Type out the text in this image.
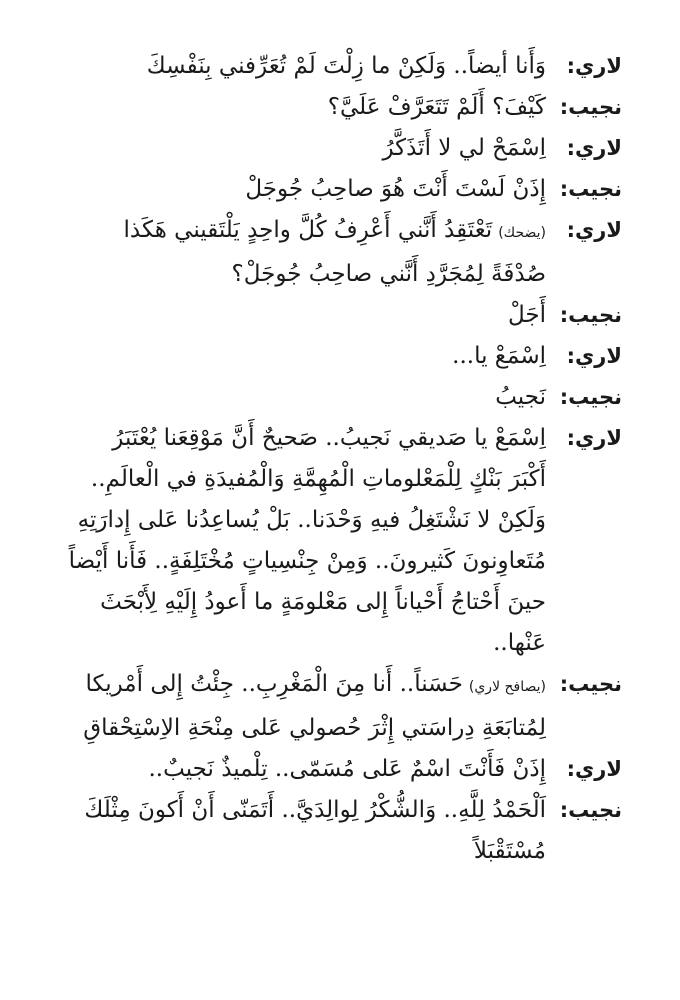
لاري:
وَأَنا أيضاً.. وَلَكِنْ ما زِلْتَ لَمْ تُعَرِّفني بِنَفْسِكَ
نجيب:
كَيْفَ؟ أَلَمْ تَتَعَرَّفْ عَلَيَّ؟
لاري:
اِسْمَحْ لي لا أَتَذَكَّرُ
نجيب:
إِذَنْ لَسْتَ أَنْتَ هُوَ صاحِبُ جُوجَلْ
لاري:
(يضحك)تَعْتَقِدُ أَنَّني أَعْرِفُ كُلَّ واحِدٍ يَلْتَقيني هَكَذا
صُدْفَةً لِمُجَرَّدِ أَنَّني صاحِبُ جُوجَلْ؟
نجيب:
أَجَلْ
لاري:
اِسْمَعْ يا...
نجيب:
نَجيبُ
لاري:
اِسْمَعْ يا صَديقي نَجيبُ.. صَحيحٌ أَنَّ مَوْقِعَنا يُعْتَبَرُ
أَكْبَرَ بَنْكٍ لِلْمَعْلوماتِ الْمُهِمَّةِ وَالْمُفيدَةِ في الْعالَمِ..
وَلَكِنْ لا نَشْتَغِلُ فيهِ وَحْدَنا.. بَلْ يُساعِدُنا عَلى إِدارَتِهِ
مُتَعاوِنونَ كَثيرونَ.. وَمِنْ جِنْسِياتٍ مُخْتَلِفَةٍ.. فَأَنا أَيْضاً
حينَ أَحْتاجُ أَحْياناً إِلى مَعْلومَةٍ ما أَعودُ إِلَيْهِ لِأَبْحَثَ
عَنْها..
نجيب:
(يصافح لاري)حَسَناً.. أَنا مِنَ الْمَغْرِبِ.. جِئْتُ إِلى أَمْريكا
لِمُتابَعَةِ دِراسَتي إِثْرَ حُصولي عَلى مِنْحَةِ الاِسْتِحْقاقِ
لاري:
إِذَنْ فَأَنْتَ اسْمٌ عَلى مُسَمّى.. تِلْميذٌ نَجيبٌ..
نجيب:
اَلْحَمْدُ لِلَّهِ.. وَالشُّكْرُ لِوالِدَيَّ.. أَتَمَنّى أَنْ أَكونَ مِثْلَكَ
مُسْتَقْبَلاً
